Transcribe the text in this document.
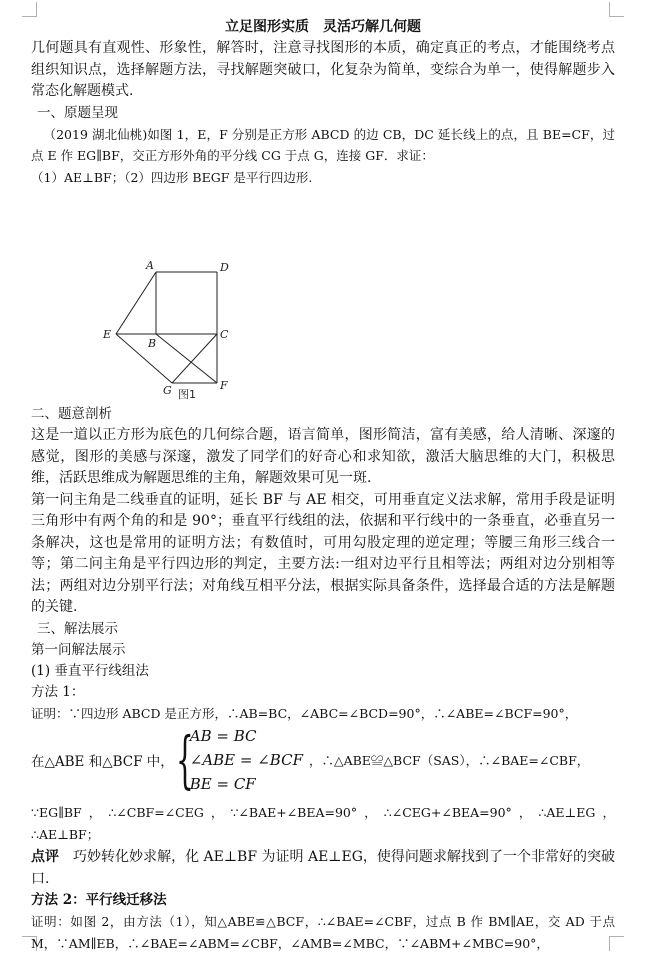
立足图形实质　灵活巧解几何题
几何题具有直观性、形象性，解答时，注意寻找图形的本质，确定真正的考点，才能围绕考点组织知识点，选择解题方法，寻找解题突破口，化复杂为简单，变综合为单一，使得解题步入常态化解题模式.
一、原题呈现
（2019 湖北仙桃)如图 1，E，F 分别是正方形 ABCD 的边 CB，DC 延长线上的点，且 BE=CF，过点 E 作 EG∥BF，交正方形外角的平分线 CG 于点 G，连接 GF．求证：
（1）AE⊥BF；（2）四边形 BEGF 是平行四边形.
A	D
E
B
C
G	F
图1
二、题意剖析
这是一道以正方形为底色的几何综合题，语言简单，图形简洁，富有美感，给人清晰、深邃的感觉，图形的美感与深邃，激发了同学们的好奇心和求知欲，激活大脑思维的大门，积极思维，活跃思维成为解题思维的主角，解题效果可见一斑.
第一问主角是二线垂直的证明，延长 BF 与 AE 相交，可用垂直定义法求解，常用手段是证明三角形中有两个角的和是 90°；垂直平行线组的法，依据和平行线中的一条垂直，必垂直另一条解决，这也是常用的证明方法；有数值时，可用勾股定理的逆定理；等腰三角形三线合一等；第二问主角是平行四边形的判定，主要方法:一组对边平行且相等法；两组对边分别相等法；两组对边分别平行法；对角线互相平分法，根据实际具备条件，选择最合适的方法是解题的关键.
三、解法展示
第一问解法展示
(1) 垂直平行线组法
方法 1：
证明：∵四边形 ABCD 是正方形，∴AB=BC，∠ABC=∠BCD=90°，∴∠ABE=∠BCF=90°，
在△ABE 和△BCF 中， {
AB = BC
∠ABE = ∠BCF
BE = CF
，∴△ABE≌△BCF（SAS），∴∠BAE=∠CBF，
∵EG∥BF，∴∠CBF=∠CEG，∵∠BAE+∠BEA=90°，∴∠CEG+∠BEA=90°，∴AE⊥EG，∴AE⊥BF；
点评　巧妙转化妙求解，化 AE⊥BF 为证明 AE⊥EG，使得问题求解找到了一个非常好的突破口.
方法 2：平行线迁移法
证明：如图 2，由方法（1），知△ABE≌△BCF，∴∠BAE=∠CBF，过点 B 作 BM∥AE，交 AD 于点 M，∵AM∥EB，∴∠BAE=∠ABM=∠CBF，∠AMB=∠MBC，∵∠ABM+∠MBC=90°，
